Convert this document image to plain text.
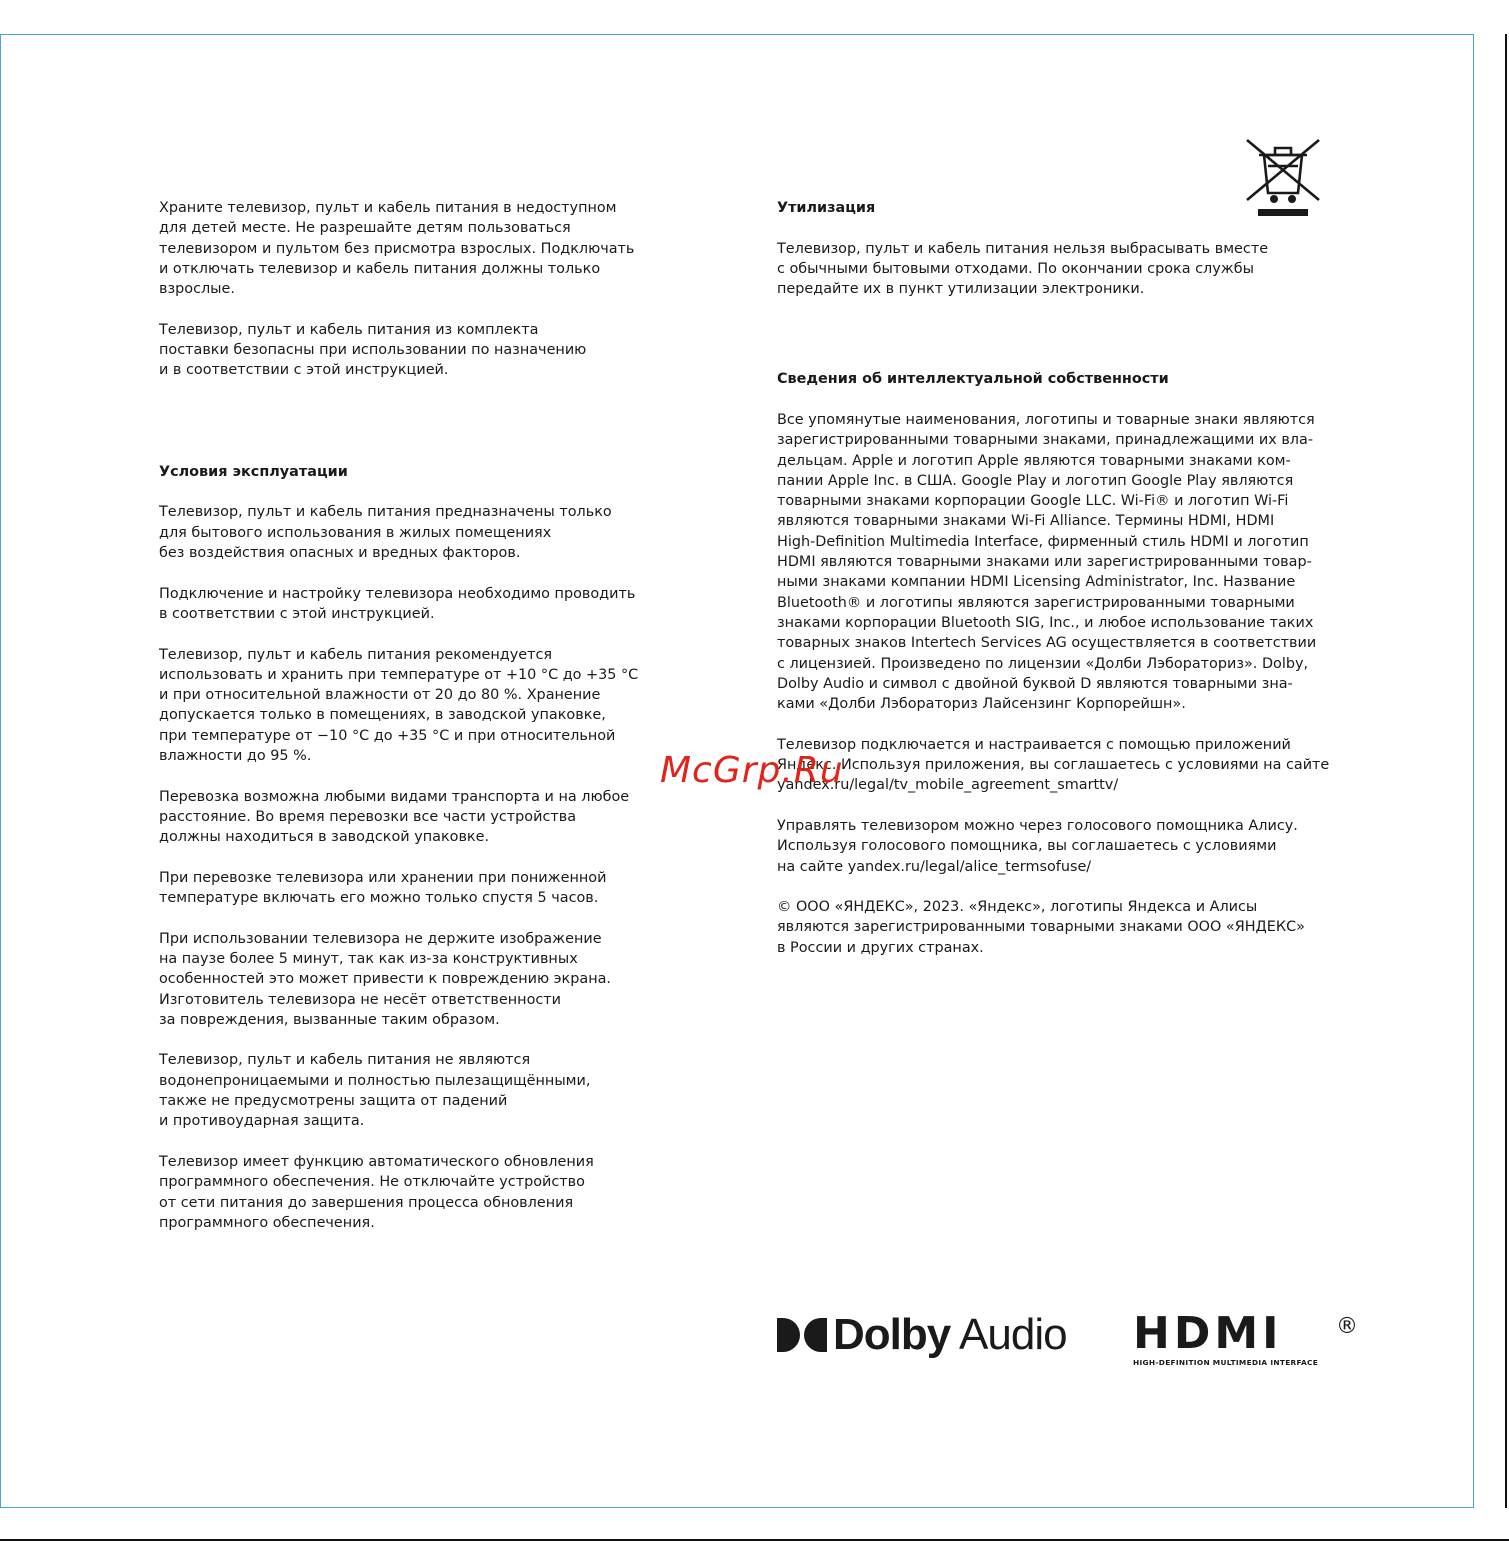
Храните телевизор, пульт и кабель питания в недоступном
для детей месте. Не разрешайте детям пользоваться
телевизором и пультом без присмотра взрослых. Подключать
и отключать телевизор и кабель питания должны только
взрослые.

Телевизор, пульт и кабель питания из комплекта
поставки безопасны при использовании по назначению
и в соответствии с этой инструкцией.

Условия эксплуатации

Телевизор, пульт и кабель питания предназначены только
для бытового использования в жилых помещениях
без воздействия опасных и вредных факторов.

Подключение и настройку телевизора необходимо проводить
в соответствии с этой инструкцией.

Телевизор, пульт и кабель питания рекомендуется
использовать и хранить при температуре от +10 °C до +35 °C
и при относительной влажности от 20 до 80 %. Хранение
допускается только в помещениях, в заводской упаковке,
при температуре от −10 °C до +35 °C и при относительной
влажности до 95 %.

Перевозка возможна любыми видами транспорта и на любое
расстояние. Во время перевозки все части устройства
должны находиться в заводской упаковке.

При перевозке телевизора или хранении при пониженной
температуре включать его можно только спустя 5 часов.

При использовании телевизора не держите изображение
на паузе более 5 минут, так как из-за конструктивных
особенностей это может привести к повреждению экрана.
Изготовитель телевизора не несёт ответственности
за повреждения, вызванные таким образом.

Телевизор, пульт и кабель питания не являются
водонепроницаемыми и полностью пылезащищёнными,
также не предусмотрены защита от падений
и противоударная защита.

Телевизор имеет функцию автоматического обновления
программного обеспечения. Не отключайте устройство
от сети питания до завершения процесса обновления
программного обеспечения.

Утилизация

Телевизор, пульт и кабель питания нельзя выбрасывать вместе
с обычными бытовыми отходами. По окончании срока службы
передайте их в пункт утилизации электроники.

Сведения об интеллектуальной собственности

Все упомянутые наименования, логотипы и товарные знаки являются
зарегистрированными товарными знаками, принадлежащими их вла-
дельцам. Apple и логотип Apple являются товарными знаками ком-
пании Apple Inc. в США. Google Play и логотип Google Play являются
товарными знаками корпорации Google LLC. Wi-Fi® и логотип Wi-Fi
являются товарными знаками Wi-Fi Alliance. Термины HDMI, HDMI
High-Definition Multimedia Interface, фирменный стиль HDMI и логотип
HDMI являются товарными знаками или зарегистрированными товар-
ными знаками компании HDMI Licensing Administrator, Inc. Название
Bluetooth® и логотипы являются зарегистрированными товарными
знаками корпорации Bluetooth SIG, Inc., и любое использование таких
товарных знаков Intertech Services AG осуществляется в соответствии
с лицензией. Произведено по лицензии «Долби Лэбораториз». Dolby,
Dolby Audio и символ с двойной буквой D являются товарными зна-
ками «Долби Лэбораториз Лайсензинг Корпорейшн».

Телевизор подключается и настраивается с помощью приложений
Яндекс. Используя приложения, вы соглашаетесь с условиями на сайте
yandex.ru/legal/tv_mobile_agreement_smarttv/

Управлять телевизором можно через голосового помощника Алису.
Используя голосового помощника, вы соглашаетесь с условиями
на сайте yandex.ru/legal/alice_termsofuse/

© ООО «ЯНДЕКС», 2023. «Яндекс», логотипы Яндекса и Алисы
являются зарегистрированными товарными знаками ООО «ЯНДЕКС»
в России и других странах.

McGrp.Ru
Dolby Audio HDMI	®
HIGH-DEFINITION MULTIMEDIA INTERFACE
